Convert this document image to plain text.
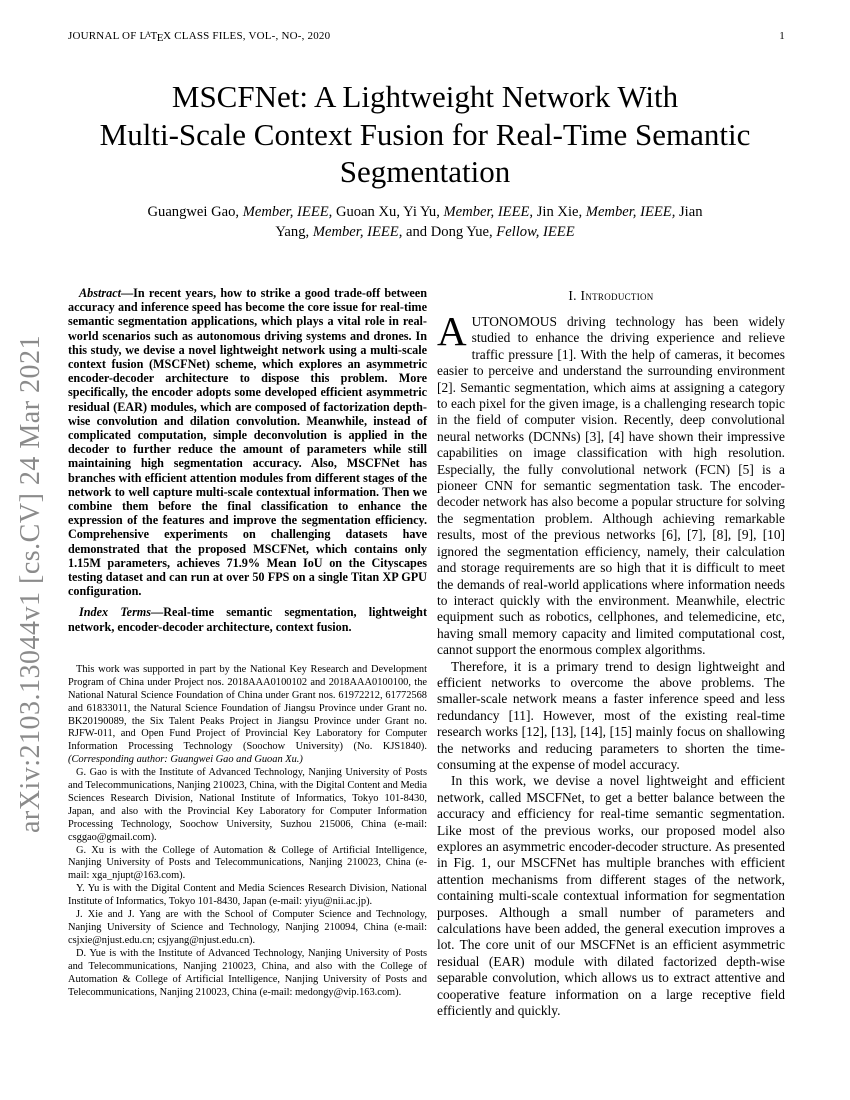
arXiv:2103.13044v1 [cs.CV] 24 Mar 2021
JOURNAL OF LATEX CLASS FILES, VOL-, NO-, 2020	1
MSCFNet: A Lightweight Network With
Multi-Scale Context Fusion for Real-Time Semantic
Segmentation
Guangwei Gao, Member, IEEE, Guoan Xu, Yi Yu, Member, IEEE, Jin Xie, Member, IEEE, Jian
Yang, Member, IEEE, and Dong Yue, Fellow, IEEE

Abstract—In recent years, how to strike a good trade-off between accuracy and inference speed has become the core issue for real-time semantic segmentation applications, which plays a vital role in real-world scenarios such as autonomous driving systems and drones. In this study, we devise a novel lightweight network using a multi-scale context fusion (MSCFNet) scheme, which explores an asymmetric encoder-decoder architecture to dispose this problem. More specifically, the encoder adopts some developed efficient asymmetric residual (EAR) modules, which are composed of factorization depth-wise convolution and dilation convolution. Meanwhile, instead of complicated computation, simple deconvolution is applied in the decoder to further reduce the amount of parameters while still maintaining high segmentation accuracy. Also, MSCFNet has branches with efficient attention modules from different stages of the network to well capture multi-scale contextual information. Then we combine them before the final classification to enhance the expression of the features and improve the segmentation efficiency. Comprehensive experiments on challenging datasets have demonstrated that the proposed MSCFNet, which contains only 1.15M parameters, achieves 71.9% Mean IoU on the Cityscapes testing dataset and can run at over 50 FPS on a single Titan XP GPU configuration.

Index Terms—Real-time semantic segmentation, lightweight network, encoder-decoder architecture, context fusion.

This work was supported in part by the National Key Research and Development Program of China under Project nos. 2018AAA0100102 and 2018AAA0100100, the National Natural Science Foundation of China under Grant nos. 61972212, 61772568 and 61833011, the Natural Science Foundation of Jiangsu Province under Grant no. BK20190089, the Six Talent Peaks Project in Jiangsu Province under Grant no. RJFW-011, and Open Fund Project of Provincial Key Laboratory for Computer Information Processing Technology (Soochow University) (No. KJS1840). (Corresponding author: Guangwei Gao and Guoan Xu.)

G. Gao is with the Institute of Advanced Technology, Nanjing University of Posts and Telecommunications, Nanjing 210023, China, with the Digital Content and Media Sciences Research Division, National Institute of Informatics, Tokyo 101-8430, Japan, and also with the Provincial Key Laboratory for Computer Information Processing Technology, Soochow University, Suzhou 215006, China (e-mail: csggao@gmail.com).

G. Xu is with the College of Automation & College of Artificial Intelligence, Nanjing University of Posts and Telecommunications, Nanjing 210023, China (e-mail: xga_njupt@163.com).

Y. Yu is with the Digital Content and Media Sciences Research Division, National Institute of Informatics, Tokyo 101-8430, Japan (e-mail: yiyu@nii.ac.jp).

J. Xie and J. Yang are with the School of Computer Science and Technology, Nanjing University of Science and Technology, Nanjing 210094, China (e-mail: csjxie@njust.edu.cn; csjyang@njust.edu.cn).

D. Yue is with the Institute of Advanced Technology, Nanjing University of Posts and Telecommunications, Nanjing 210023, China, and also with the College of Automation & College of Artificial Intelligence, Nanjing University of Posts and Telecommunications, Nanjing 210023, China (e-mail: medongy@vip.163.com).

I. Introduction

AUTONOMOUS driving technology has been widely studied to enhance the driving experience and relieve traffic pressure [1]. With the help of cameras, it becomes easier to perceive and understand the surrounding environment [2]. Semantic segmentation, which aims at assigning a category to each pixel for the given image, is a challenging research topic in the field of computer vision. Recently, deep convolutional neural networks (DCNNs) [3], [4] have shown their impressive capabilities on image classification with high resolution. Especially, the fully convolutional network (FCN) [5] is a pioneer CNN for semantic segmentation task. The encoder-decoder network has also become a popular structure for solving the segmentation problem. Although achieving remarkable results, most of the previous networks [6], [7], [8], [9], [10] ignored the segmentation efficiency, namely, their calculation and storage requirements are so high that it is difficult to meet the demands of real-world applications where information needs to interact quickly with the environment. Meanwhile, electric equipment such as robotics, cellphones, and telemedicine, etc, having small memory capacity and limited computational cost, cannot support the enormous complex algorithms.

Therefore, it is a primary trend to design lightweight and efficient networks to overcome the above problems. The smaller-scale network means a faster inference speed and less redundancy [11]. However, most of the existing real-time research works [12], [13], [14], [15] mainly focus on shallowing the networks and reducing parameters to shorten the time-consuming at the expense of model accuracy.

In this work, we devise a novel lightweight and efficient network, called MSCFNet, to get a better balance between the accuracy and efficiency for real-time semantic segmentation. Like most of the previous works, our proposed model also explores an asymmetric encoder-decoder structure. As presented in Fig. 1, our MSCFNet has multiple branches with efficient attention mechanisms from different stages of the network, containing multi-scale contextual information for segmentation purposes. Although a small number of parameters and calculations have been added, the general execution improves a lot. The core unit of our MSCFNet is an efficient asymmetric residual (EAR) module with dilated factorized depth-wise separable convolution, which allows us to extract attentive and cooperative feature information on a large receptive field efficiently and quickly.
